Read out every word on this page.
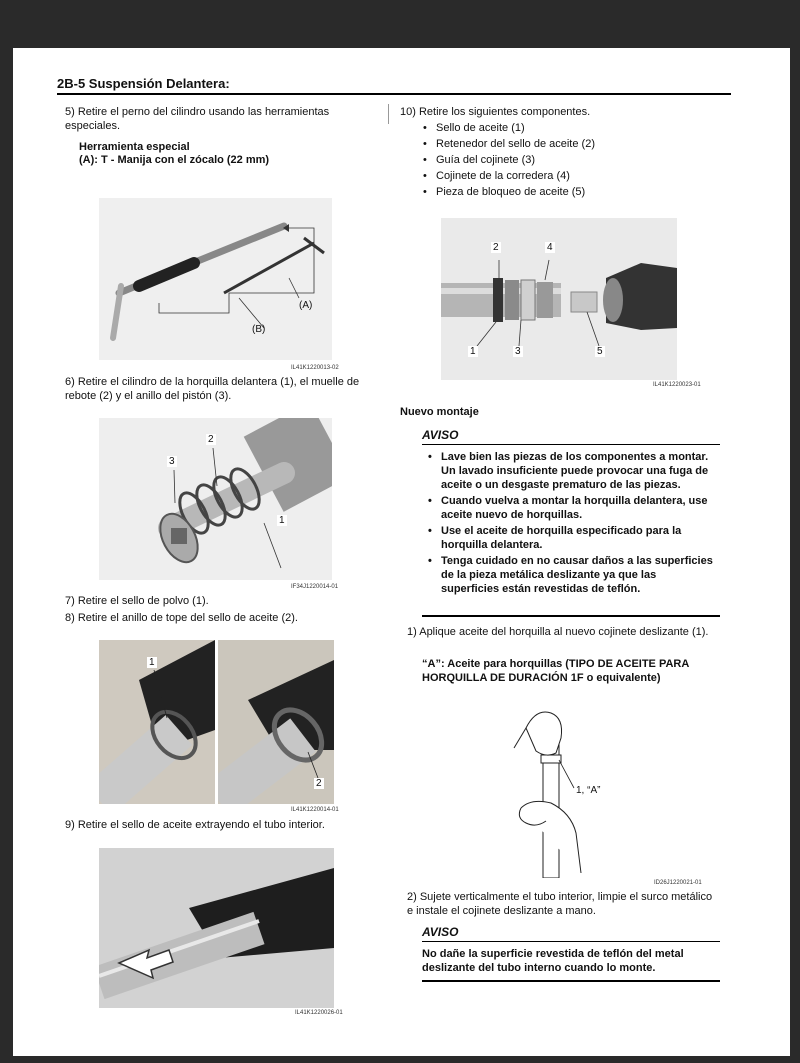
2B-5 Suspensión Delantera:
5) Retire el perno del cilindro usando las herramientas especiales.
Herramienta especial
(A): T - Manija con el zócalo (22 mm)
(A)
(B)
IL41K1220013-02
6) Retire el cilindro de la horquilla delantera (1), el muelle de rebote (2) y el anillo del pistón (3).
3
2
1
IF34J1220014-01
7) Retire el sello de polvo (1).
8) Retire el anillo de tope del sello de aceite (2).
1
2
IL41K1220014-01
9) Retire el sello de aceite extrayendo el tubo interior.
IL41K1220026-01
10) Retire los siguientes componentes.
• Sello de aceite (1)
• Retenedor del sello de aceite (2)
• Guía del cojinete (3)
• Cojinete de la corredera (4)
• Pieza de bloqueo de aceite (5)
2	4
1	3	5
IL41K1220023-01
Nuevo montaje
AVISO
• Lave bien las piezas de los componentes a montar. Un lavado insuficiente puede provocar una fuga de aceite o un desgaste prematuro de las piezas.
• Cuando vuelva a montar la horquilla delantera, use aceite nuevo de horquillas.
• Use el aceite de horquilla especificado para la horquilla delantera.
• Tenga cuidado en no causar daños a las superficies de la pieza metálica deslizante ya que las superficies están revestidas de teflón.
1) Aplique aceite del horquilla al nuevo cojinete deslizante (1).
“A”: Aceite para horquillas (TIPO DE ACEITE PARA HORQUILLA DE DURACIÓN 1F o equivalente)
1, “A”
ID26J1220021-01
2) Sujete verticalmente el tubo interior, limpie el surco metálico e instale el cojinete deslizante a mano.
AVISO
No dañe la superficie revestida de teflón del metal deslizante del tubo interno cuando lo monte.
